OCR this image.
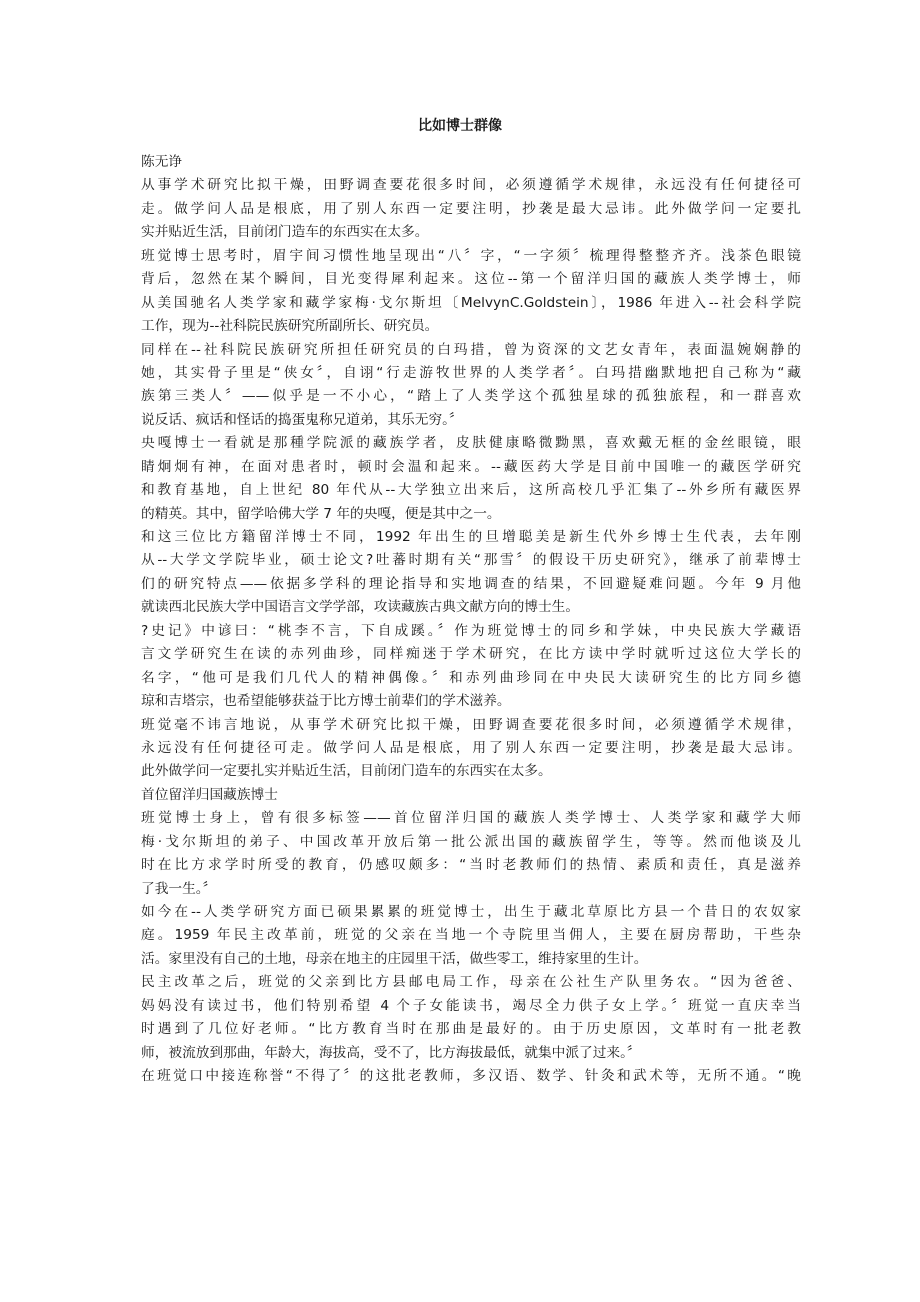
比如博士群像
陈无诤
从事学术研究比拟干燥，田野调查要花很多时间，必须遵循学术规律，永远没有任何捷径可
走。做学问人品是根底，用了别人东西一定要注明，抄袭是最大忌讳。此外做学问一定要扎
实并贴近生活，目前闭门造车的东西实在太多。
班觉博士思考时，眉宇间习惯性地呈现出“八〞字，“一字须〞梳理得整整齐齐。浅茶色眼镜
背后，忽然在某个瞬间，目光变得犀利起来。这位--第一个留洋归国的藏族人类学博士，师
从美国驰名人类学家和藏学家梅·戈尔斯坦〔MelvynC.Goldstein〕，1986 年进入--社会科学院
工作，现为--社科院民族研究所副所长、研究员。
同样在--社科院民族研究所担任研究员的白玛措，曾为资深的文艺女青年，表面温婉娴静的
她，其实骨子里是“侠女〞，自诩“行走游牧世界的人类学者〞。白玛措幽默地把自己称为“藏
族第三类人〞——似乎是一不小心，“踏上了人类学这个孤独星球的孤独旅程，和一群喜欢
说反话、疯话和怪话的捣蛋鬼称兄道弟，其乐无穷。〞
央嘎博士一看就是那種学院派的藏族学者，皮肤健康略微黝黑，喜欢戴无框的金丝眼镜，眼
睛炯炯有神，在面对患者时，顿时会温和起来。--藏医药大学是目前中国唯一的藏医学研究
和教育基地，自上世纪 80 年代从--大学独立出来后，这所高校几乎汇集了--外乡所有藏医界
的精英。其中，留学哈佛大学 7 年的央嘎，便是其中之一。
和这三位比方籍留洋博士不同，1992 年出生的旦增聪美是新生代外乡博士生代表，去年刚
从--大学文学院毕业，硕士论文?吐蕃时期有关“那雪〞的假设干历史研究》，继承了前辈博士
们的研究特点——依据多学科的理论指导和实地调查的结果，不回避疑难问题。今年 9 月他
就读西北民族大学中国语言文学学部，攻读藏族古典文献方向的博士生。
?史记》中谚曰：“桃李不言，下自成蹊。〞作为班觉博士的同乡和学妹，中央民族大学藏语
言文学研究生在读的赤列曲珍，同样痴迷于学术研究，在比方读中学时就听过这位大学长的
名字，“他可是我们几代人的精神偶像。〞和赤列曲珍同在中央民大读研究生的比方同乡德
琼和吉塔宗，也希望能够获益于比方博士前辈们的学术滋养。
班觉毫不讳言地说，从事学术研究比拟干燥，田野调查要花很多时间，必须遵循学术规律，
永远没有任何捷径可走。做学问人品是根底，用了别人东西一定要注明，抄袭是最大忌讳。
此外做学问一定要扎实并贴近生活，目前闭门造车的东西实在太多。
首位留洋归国藏族博士
班觉博士身上，曾有很多标签——首位留洋归国的藏族人类学博士、人类学家和藏学大师
梅·戈尔斯坦的弟子、中国改革开放后第一批公派出国的藏族留学生，等等。然而他谈及儿
时在比方求学时所受的教育，仍感叹颇多：“当时老教师们的热情、素质和责任，真是滋养
了我一生。〞
如今在--人类学研究方面已硕果累累的班觉博士，出生于藏北草原比方县一个昔日的农奴家
庭。1959 年民主改革前，班觉的父亲在当地一个寺院里当佣人，主要在厨房帮助，干些杂
活。家里没有自己的土地，母亲在地主的庄园里干活，做些零工，维持家里的生计。
民主改革之后，班觉的父亲到比方县邮电局工作，母亲在公社生产队里务农。“因为爸爸、
妈妈没有读过书，他们特别希望 4 个子女能读书，竭尽全力供子女上学。〞班觉一直庆幸当
时遇到了几位好老师。“比方教育当时在那曲是最好的。由于历史原因，文革时有一批老教
师，被流放到那曲，年龄大，海拔高，受不了，比方海拔最低，就集中派了过来。〞
在班觉口中接连称誉“不得了〞的这批老教师，多汉语、数学、针灸和武术等，无所不通。“晚
